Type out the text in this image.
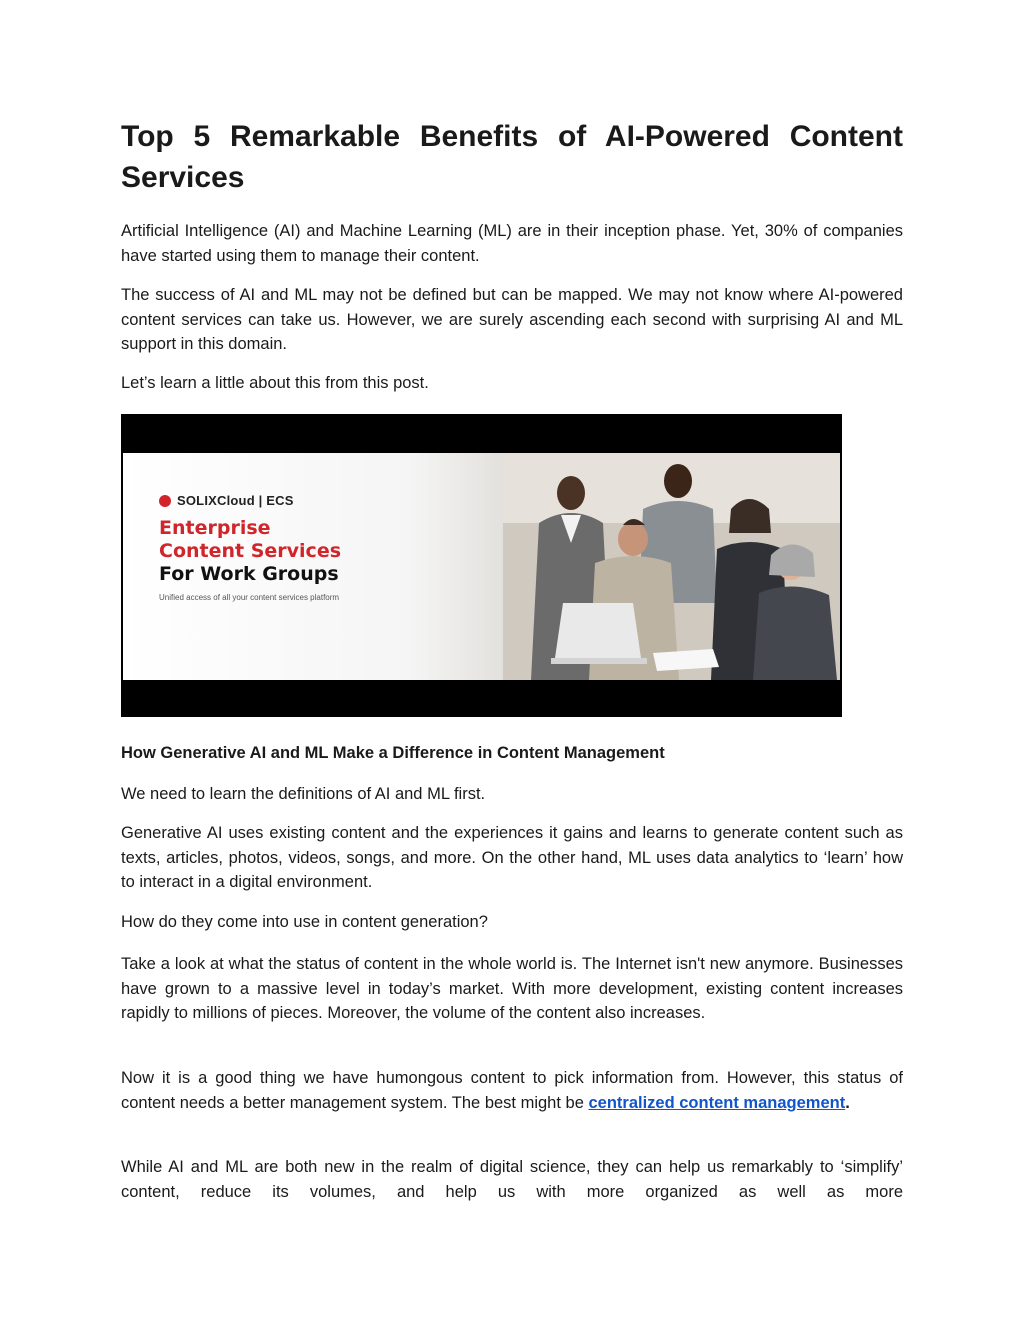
Top 5 Remarkable Benefits of AI-Powered Content Services

Artificial Intelligence (AI) and Machine Learning (ML) are in their inception phase. Yet, 30% of companies have started using them to manage their content.

The success of AI and ML may not be defined but can be mapped. We may not know where AI-powered content services can take us. However, we are surely ascending each second with surprising AI and ML support in this domain.

Let’s learn a little about this from this post.

SOLIXCloud | ECS
Enterprise
Content Services
For Work Groups
Unified access of all your content services platform
How Generative AI and ML Make a Difference in Content Management

We need to learn the definitions of AI and ML first.

Generative AI uses existing content and the experiences it gains and learns to generate content such as texts, articles, photos, videos, songs, and more. On the other hand, ML uses data analytics to ‘learn’ how to interact in a digital environment.

How do they come into use in content generation?

Take a look at what the status of content in the whole world is. The Internet isn't new anymore. Businesses have grown to a massive level in today’s market. With more development, existing content increases rapidly to millions of pieces. Moreover, the volume of the content also increases.

Now it is a good thing we have humongous content to pick information from. However, this status of content needs a better management system. The best might be centralized content management.

While AI and ML are both new in the realm of digital science, they can help us remarkably to ‘simplify’ content, reduce its volumes, and help us with more organized as well as more
